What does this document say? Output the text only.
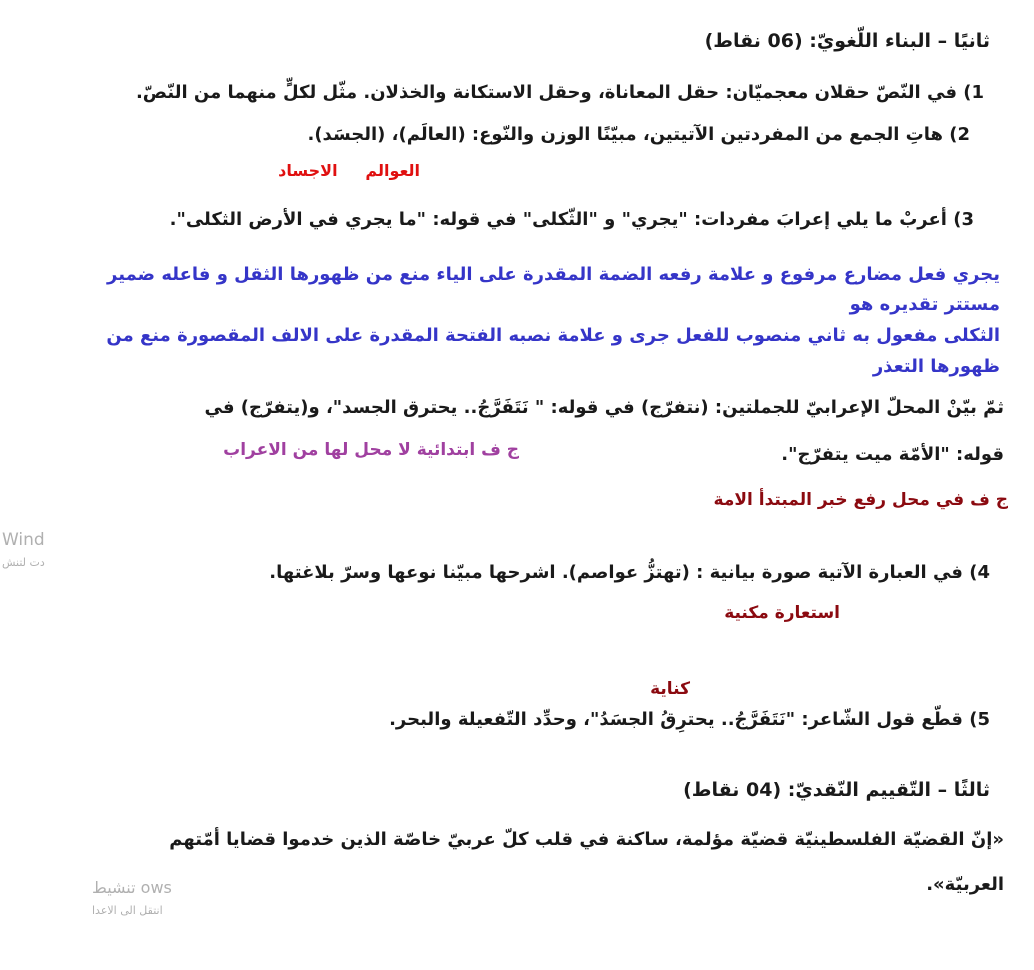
ثانيًا – البناء اللّغويّ: (06 نقاط)
1) في النّصّ حقلان معجميّان: حقل المعاناة، وحقل الاستكانة والخذلان. مثّل لكلٍّ منهما من النّصّ.
2) هاتِ الجمع من المفردتين الآتيتين، مبيّنًا الوزن والنّوع: (العالَم)، (الجسَد).
العوالم     الاجساد
3) أعربْ ما يلي إعرابَ مفردات: "يجري" و "الثّكلى" في قوله: "ما يجري في الأرض الثكلى".
يجري فعل مضارع مرفوع و علامة رفعه الضمة المقدرة على الياء منع من ظهورها الثقل و فاعله ضمير
مستتر تقديره هو
الثكلى مفعول به ثاني منصوب للفعل جرى و علامة نصبه الفتحة المقدرة على الالف المقصورة منع من
ظهورها التعذر
ثمّ بيّنْ المحلّ الإعرابيّ للجملتين: (نتفرّج) في قوله: " نَتَفَرَّجُ.. يحترق الجسد"، و(يتفرّج) في
قوله: "الأمّة ميت يتفرّج".
ج ف ابتدائية لا محل لها من الاعراب
ج ف في محل رفع خبر المبتدأ الامة
4) في العبارة الآتية صورة بيانية : (تهتزُّ عواصم). اشرحها مبيّنا نوعها وسرّ بلاغتها.
استعارة مكنية
كناية
5) قطّع قول الشّاعر: "نَتَفَرَّجُ.. يحترِقُ الجسَدُ"، وحدِّد التّفعيلة والبحر.
ثالثًا – التّقييم النّقديّ: (04 نقاط)
«إنّ القضيّة الفلسطينيّة قضيّة مؤلمة، ساكنة في قلب كلّ عربيّ خاصّة الذين خدموا قضايا أمّتهم
العربيّة».
Wind
دت لتنش
تنشيط ows
انتقل الى الاعدا
